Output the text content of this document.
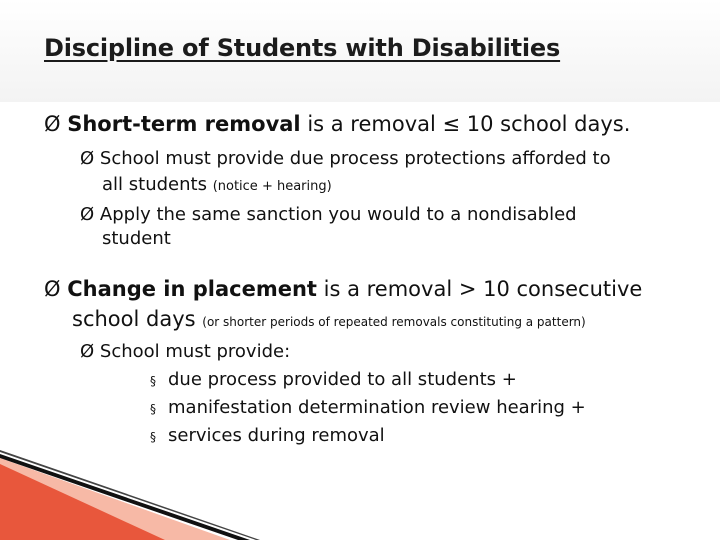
Discipline of Students with Disabilities
Ø Short-term removal is a removal ≤ 10 school days.
Ø School must provide due process protections afforded to
all students (notice + hearing)
Ø Apply the same sanction you would to a nondisabled
student
Ø Change in placement is a removal > 10 consecutive
school days (or shorter periods of repeated removals constituting a pattern)
Ø School must provide:
§ due process provided to all students +
§ manifestation determination review hearing +
§ services during removal
